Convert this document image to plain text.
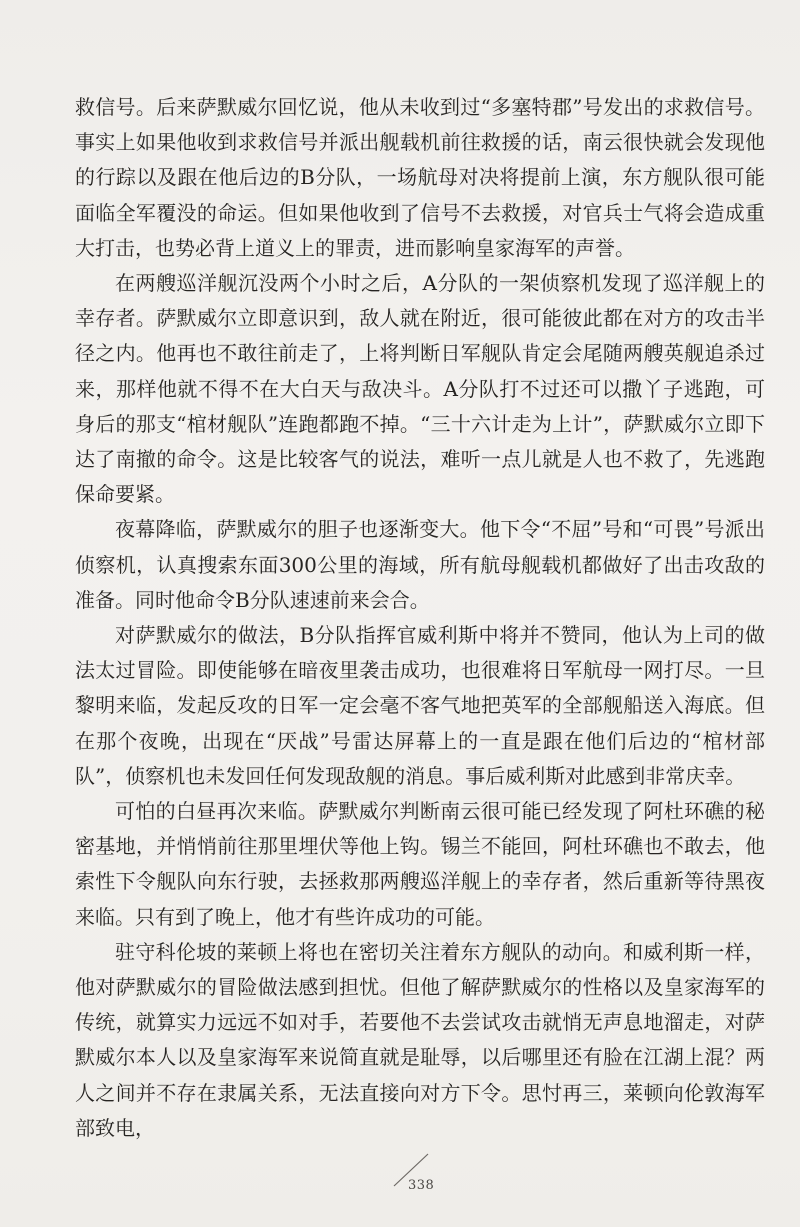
救信号。后来萨默威尔回忆说，他从未收到过“多塞特郡”号发出的求救信号。事实上如果他收到求救信号并派出舰载机前往救援的话，南云很快就会发现他的行踪以及跟在他后边的B分队，一场航母对决将提前上演，东方舰队很可能面临全军覆没的命运。但如果他收到了信号不去救援，对官兵士气将会造成重大打击，也势必背上道义上的罪责，进而影响皇家海军的声誉。

在两艘巡洋舰沉没两个小时之后，A分队的一架侦察机发现了巡洋舰上的幸存者。萨默威尔立即意识到，敌人就在附近，很可能彼此都在对方的攻击半径之内。他再也不敢往前走了，上将判断日军舰队肯定会尾随两艘英舰追杀过来，那样他就不得不在大白天与敌决斗。A分队打不过还可以撒丫子逃跑，可身后的那支“棺材舰队”连跑都跑不掉。“三十六计走为上计”，萨默威尔立即下达了南撤的命令。这是比较客气的说法，难听一点儿就是人也不救了，先逃跑保命要紧。

夜幕降临，萨默威尔的胆子也逐渐变大。他下令“不屈”号和“可畏”号派出侦察机，认真搜索东面300公里的海域，所有航母舰载机都做好了出击攻敌的准备。同时他命令B分队速速前来会合。

对萨默威尔的做法，B分队指挥官威利斯中将并不赞同，他认为上司的做法太过冒险。即使能够在暗夜里袭击成功，也很难将日军航母一网打尽。一旦黎明来临，发起反攻的日军一定会毫不客气地把英军的全部舰船送入海底。但在那个夜晚，出现在“厌战”号雷达屏幕上的一直是跟在他们后边的“棺材部队”，侦察机也未发回任何发现敌舰的消息。事后威利斯对此感到非常庆幸。

可怕的白昼再次来临。萨默威尔判断南云很可能已经发现了阿杜环礁的秘密基地，并悄悄前往那里埋伏等他上钩。锡兰不能回，阿杜环礁也不敢去，他索性下令舰队向东行驶，去拯救那两艘巡洋舰上的幸存者，然后重新等待黑夜来临。只有到了晚上，他才有些许成功的可能。

驻守科伦坡的莱顿上将也在密切关注着东方舰队的动向。和威利斯一样，他对萨默威尔的冒险做法感到担忧。但他了解萨默威尔的性格以及皇家海军的传统，就算实力远远不如对手，若要他不去尝试攻击就悄无声息地溜走，对萨默威尔本人以及皇家海军来说简直就是耻辱，以后哪里还有脸在江湖上混？两人之间并不存在隶属关系，无法直接向对方下令。思忖再三，莱顿向伦敦海军部致电，

338
